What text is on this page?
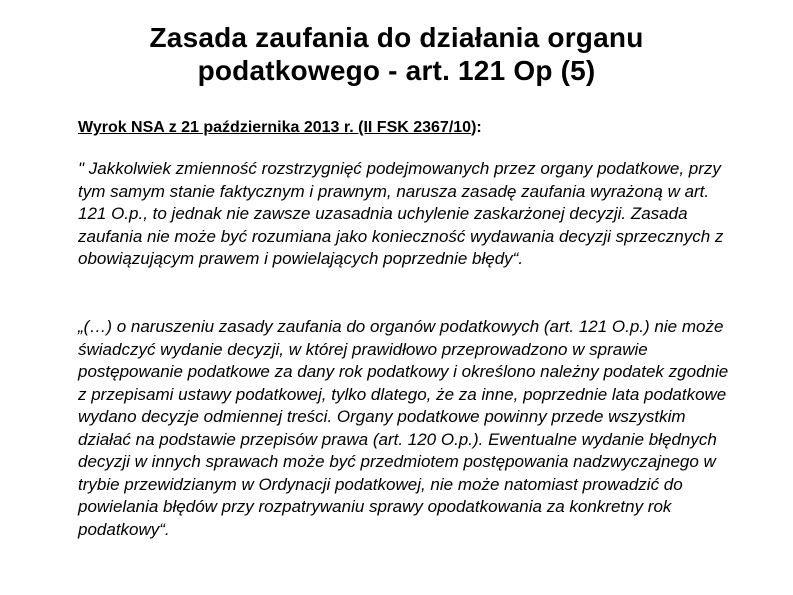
Zasada zaufania do działania organu
podatkowego - art. 121 Op (5)
Wyrok NSA z 21 października 2013 r. (II FSK 2367/10):
" Jakkolwiek zmienność rozstrzygnięć podejmowanych przez organy podatkowe, przy tym samym stanie faktycznym i prawnym, narusza zasadę zaufania wyrażoną w art. 121 O.p., to jednak nie zawsze uzasadnia uchylenie zaskarżonej decyzji. Zasada zaufania nie może być rozumiana jako konieczność wydawania decyzji sprzecznych z obowiązującym prawem i powielających poprzednie błędy“.
„(…) o naruszeniu zasady zaufania do organów podatkowych (art. 121 O.p.) nie może świadczyć wydanie decyzji, w której prawidłowo przeprowadzono w sprawie postępowanie podatkowe za dany rok podatkowy i określono należny podatek zgodnie z przepisami ustawy podatkowej, tylko dlatego, że za inne, poprzednie lata podatkowe wydano decyzje odmiennej treści. Organy podatkowe powinny przede wszystkim działać na podstawie przepisów prawa (art. 120 O.p.). Ewentualne wydanie błędnych decyzji w innych sprawach może być przedmiotem postępowania nadzwyczajnego w trybie przewidzianym w Ordynacji podatkowej, nie może natomiast prowadzić do powielania błędów przy rozpatrywaniu sprawy opodatkowania za konkretny rok podatkowy“.
